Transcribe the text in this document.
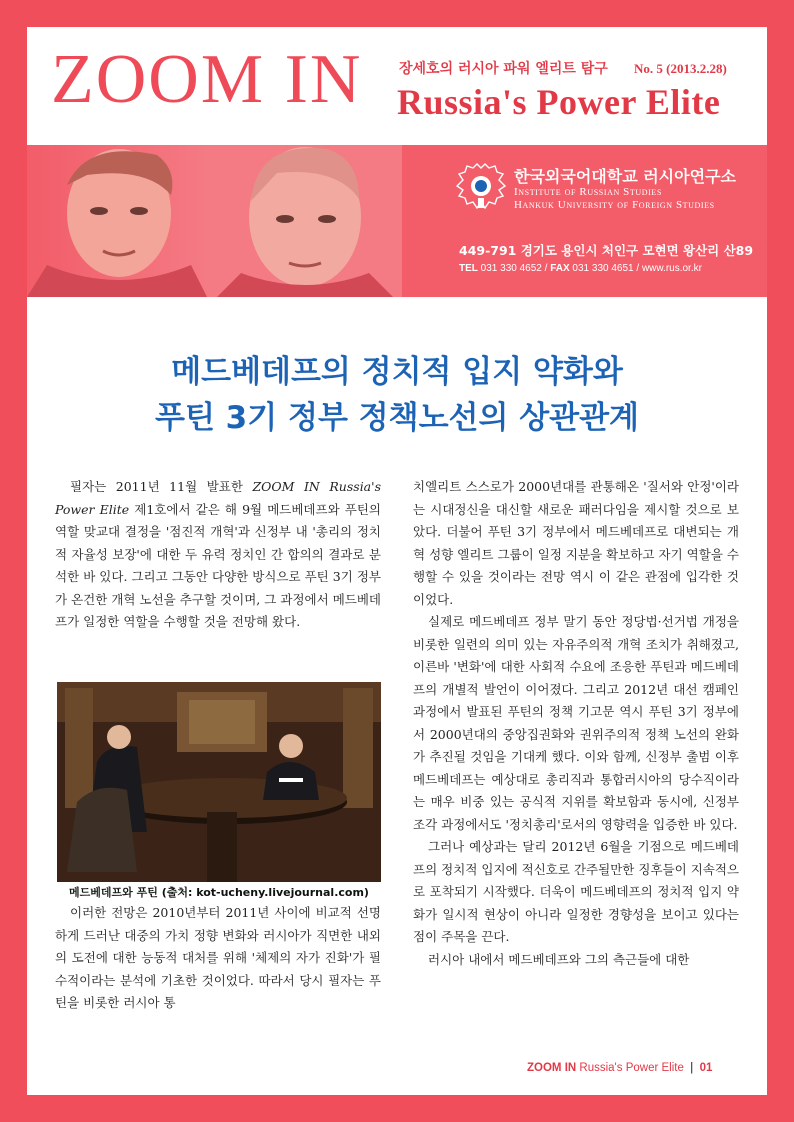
ZOOM IN	장세호의 러시아 파워 엘리트 탐구 No. 5 (2013.2.28)
Russia's Power Elite
한국외국어대학교 러시아연구소
Institute of Russian Studies
Hankuk University of Foreign Studies
449-791 경기도 용인시 처인구 모현면 왕산리 산89
TEL 031 330 4652 / FAX 031 330 4651 / www.rus.or.kr
메드베데프의 정치적 입지 약화와
푸틴 3기 정부 정책노선의 상관관계

필자는 2011년 11월 발표한 ZOOM IN Russia's Power Elite 제1호에서 같은 해 9월 메드베데프와 푸틴의 역할 맞교대 결정을 '점진적 개혁'과 신정부 내 '총리의 정치적 자율성 보장'에 대한 두 유력 정치인 간 합의의 결과로 분석한 바 있다. 그리고 그동안 다양한 방식으로 푸틴 3기 정부가 온건한 개혁 노선을 추구할 것이며, 그 과정에서 메드베데프가 일정한 역할을 수행할 것을 전망해 왔다.

메드베데프와 푸틴 (출처: kot-ucheny.livejournal.com)

이러한 전망은 2010년부터 2011년 사이에 비교적 선명하게 드러난 대중의 가치 정향 변화와 러시아가 직면한 내외의 도전에 대한 능동적 대처를 위해 '체제의 자가 진화'가 필수적이라는 분석에 기초한 것이었다. 따라서 당시 필자는 푸틴을 비롯한 러시아 통

치엘리트 스스로가 2000년대를 관통해온 '질서와 안정'이라는 시대정신을 대신할 새로운 패러다임을 제시할 것으로 보았다. 더불어 푸틴 3기 정부에서 메드베데프로 대변되는 개혁 성향 엘리트 그룹이 일정 지분을 확보하고 자기 역할을 수행할 수 있을 것이라는 전망 역시 이 같은 관점에 입각한 것이었다.

실제로 메드베데프 정부 말기 동안 정당법·선거법 개정을 비롯한 일련의 의미 있는 자유주의적 개혁 조치가 취해졌고, 이른바 '변화'에 대한 사회적 수요에 조응한 푸틴과 메드베데프의 개별적 발언이 이어졌다. 그리고 2012년 대선 캠페인 과정에서 발표된 푸틴의 정책 기고문 역시 푸틴 3기 정부에서 2000년대의 중앙집권화와 권위주의적 정책 노선의 완화가 추진될 것임을 기대케 했다. 이와 함께, 신정부 출범 이후 메드베데프는 예상대로 총리직과 통합러시아의 당수직이라는 매우 비중 있는 공식적 지위를 확보함과 동시에, 신정부 조각 과정에서도 '정치총리'로서의 영향력을 입증한 바 있다.

그러나 예상과는 달리 2012년 6월을 기점으로 메드베데프의 정치적 입지에 적신호로 간주될만한 징후들이 지속적으로 포착되기 시작했다. 더욱이 메드베데프의 정치적 입지 약화가 일시적 현상이 아니라 일정한 경향성을 보이고 있다는 점이 주목을 끈다.

러시아 내에서 메드베데프와 그의 측근들에 대한

ZOOM IN Russia's Power Elite | 01
